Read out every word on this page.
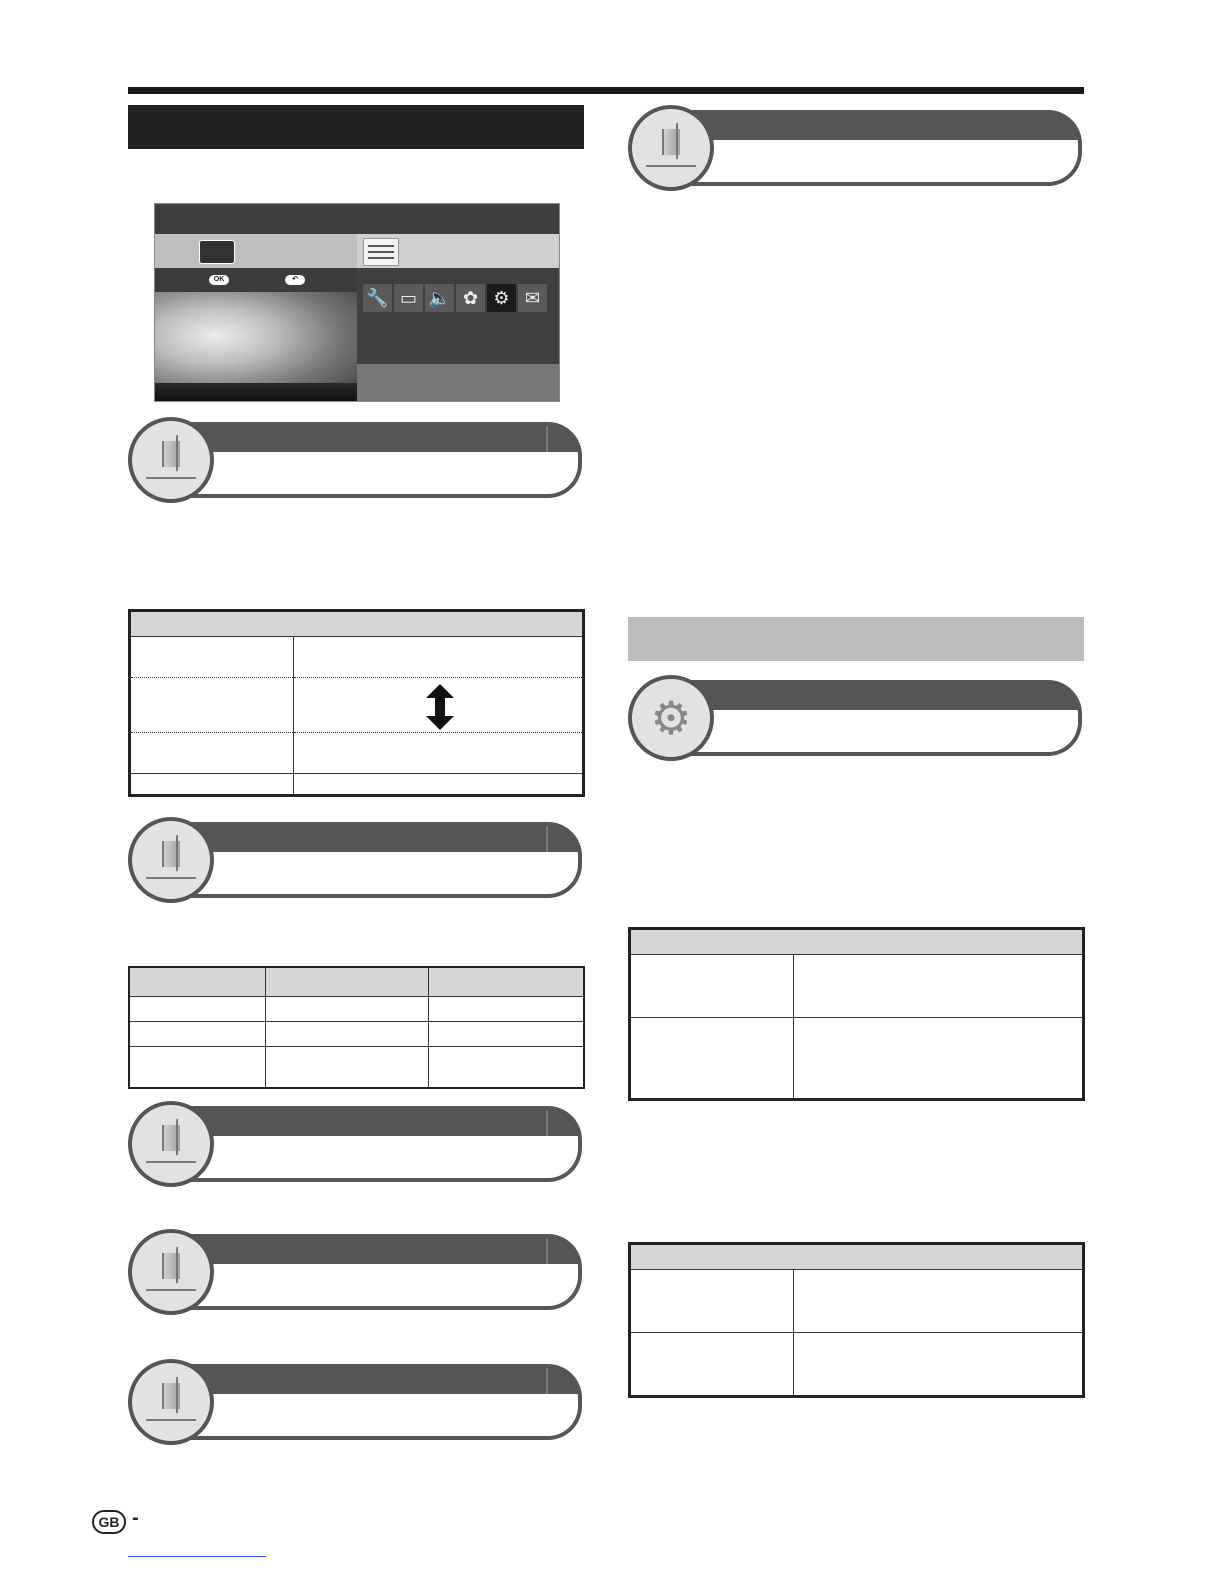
OK	↶
🔧 ▭ 🔈 ✿ ⚙ ✉
⚙

GB -
